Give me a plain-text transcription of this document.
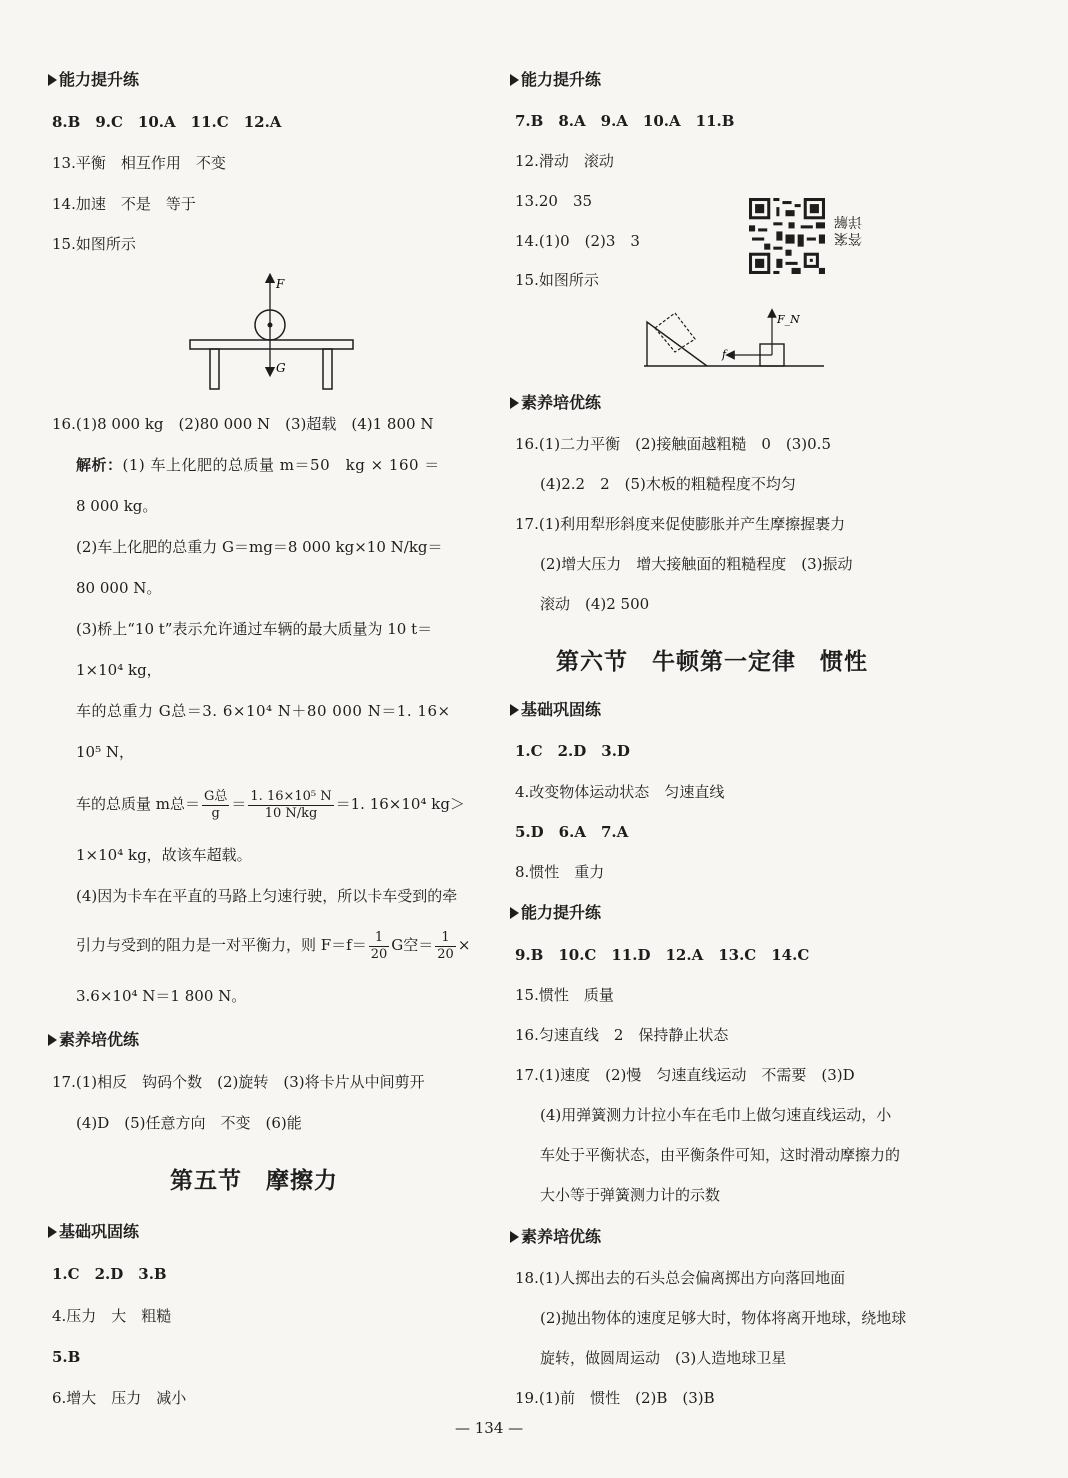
能力提升练
8.B　9.C　10.A　11.C　12.A
13.平衡　相互作用　不变
14.加速　不是　等于
15.如图所示
F
G
16.(1)8 000 kg　(2)80 000 N　(3)超载　(4)1 800 N
解析：(1) 车上化肥的总质量 m＝50　kg × 160 ＝
8 000 kg。
(2)车上化肥的总重力 G＝mg＝8 000 kg×10 N/kg＝
80 000 N。
(3)桥上“10 t”表示允许通过车辆的最大质量为 10 t＝
1×10⁴ kg，
车的总重力 G总＝3. 6×10⁴ N＋80 000 N＝1. 16×
10⁵ N，
车的总质量 m总＝ $\frac{\text{G总}}{g} = \frac{\text{1. 16×10⁵ N}}{10 N/kg} =1$. 16×10⁴ kg＞
1×10⁴ kg，故该车超载。
(4)因为卡车在平直的马路上匀速行驶，所以卡车受到的牵
引力与受到的阻力是一对平衡力，则 $F=f= \frac{1}{20}$ G空＝ $\frac{1}{20}$ ×
3.6×10⁴ N＝1 800 N。
素养培优练
17.(1)相反　钩码个数　(2)旋转　(3)将卡片从中间剪开
(4)D　(5)任意方向　不变　(6)能
第五节　摩擦力
基础巩固练
1.C　2.D　3.B
4.压力　大　粗糙
5.B
6.增大　压力　减小
能力提升练
7.B　8.A　9.A　10.A　11.B
12.滑动　滚动
13.20　35
14.(1)0　(2)3　3
15.如图所示
答案详解
F_N
f
素养培优练
16.(1)二力平衡　(2)接触面越粗糙　0　(3)0.5
(4)2.2　2　(5)木板的粗糙程度不均匀
17.(1)利用犁形斜度来促使膨胀并产生摩擦握裹力
(2)增大压力　增大接触面的粗糙程度　(3)振动
滚动　(4)2 500
第六节　牛顿第一定律　惯性
基础巩固练
1.C　2.D　3.D
4.改变物体运动状态　匀速直线
5.D　6.A　7.A
8.惯性　重力
能力提升练
9.B　10.C　11.D　12.A　13.C　14.C
15.惯性　质量
16.匀速直线　2　保持静止状态
17.(1)速度　(2)慢　匀速直线运动　不需要　(3)D
(4)用弹簧测力计拉小车在毛巾上做匀速直线运动，小
车处于平衡状态，由平衡条件可知，这时滑动摩擦力的
大小等于弹簧测力计的示数
素养培优练
18.(1)人掷出去的石头总会偏离掷出方向落回地面
(2)抛出物体的速度足够大时，物体将离开地球，绕地球
旋转，做圆周运动　(3)人造地球卫星
19.(1)前　惯性　(2)B　(3)B
— 134 —
